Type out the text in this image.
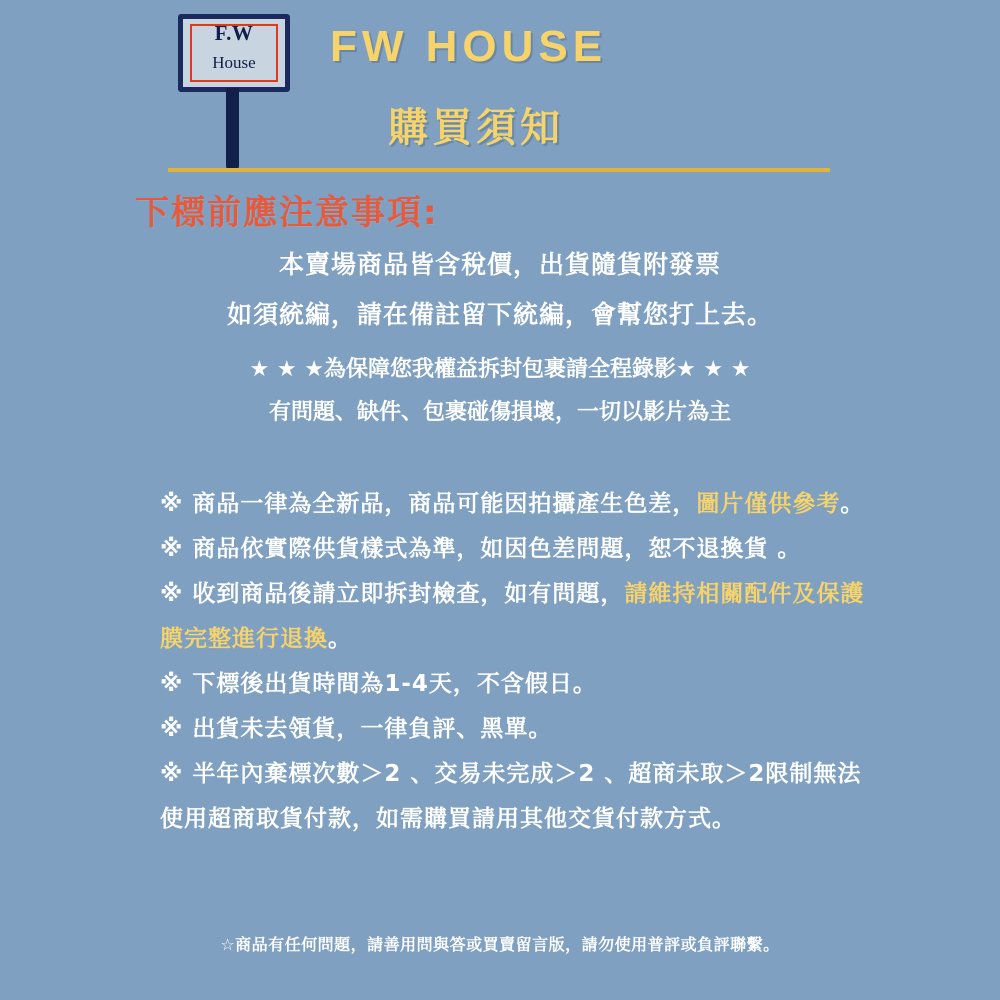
F.W
House	FW HOUSE
購買須知
下標前應注意事項:
本賣場商品皆含稅價，出貨隨貨附發票
如須統編，請在備註留下統編，會幫您打上去。
★ ★ ★為保障您我權益拆封包裹請全程錄影★ ★ ★
有問題、缺件、包裹碰傷損壞，一切以影片為主
※ 商品一律為全新品，商品可能因拍攝產生色差，圖片僅供參考。
※ 商品依實際供貨樣式為準，如因色差問題，恕不退換貨 。
※ 收到商品後請立即拆封檢查，如有問題，請維持相關配件及保護膜完整進行退換。
※ 下標後出貨時間為1-4天，不含假日。
※ 出貨未去領貨，一律負評、黑單。
※ 半年內棄標次數＞2 、交易未完成＞2 、超商未取＞2限制無法使用超商取貨付款，如需購買請用其他交貨付款方式。
☆商品有任何問題，請善用問與答或買賣留言版，請勿使用普評或負評聯繫。
